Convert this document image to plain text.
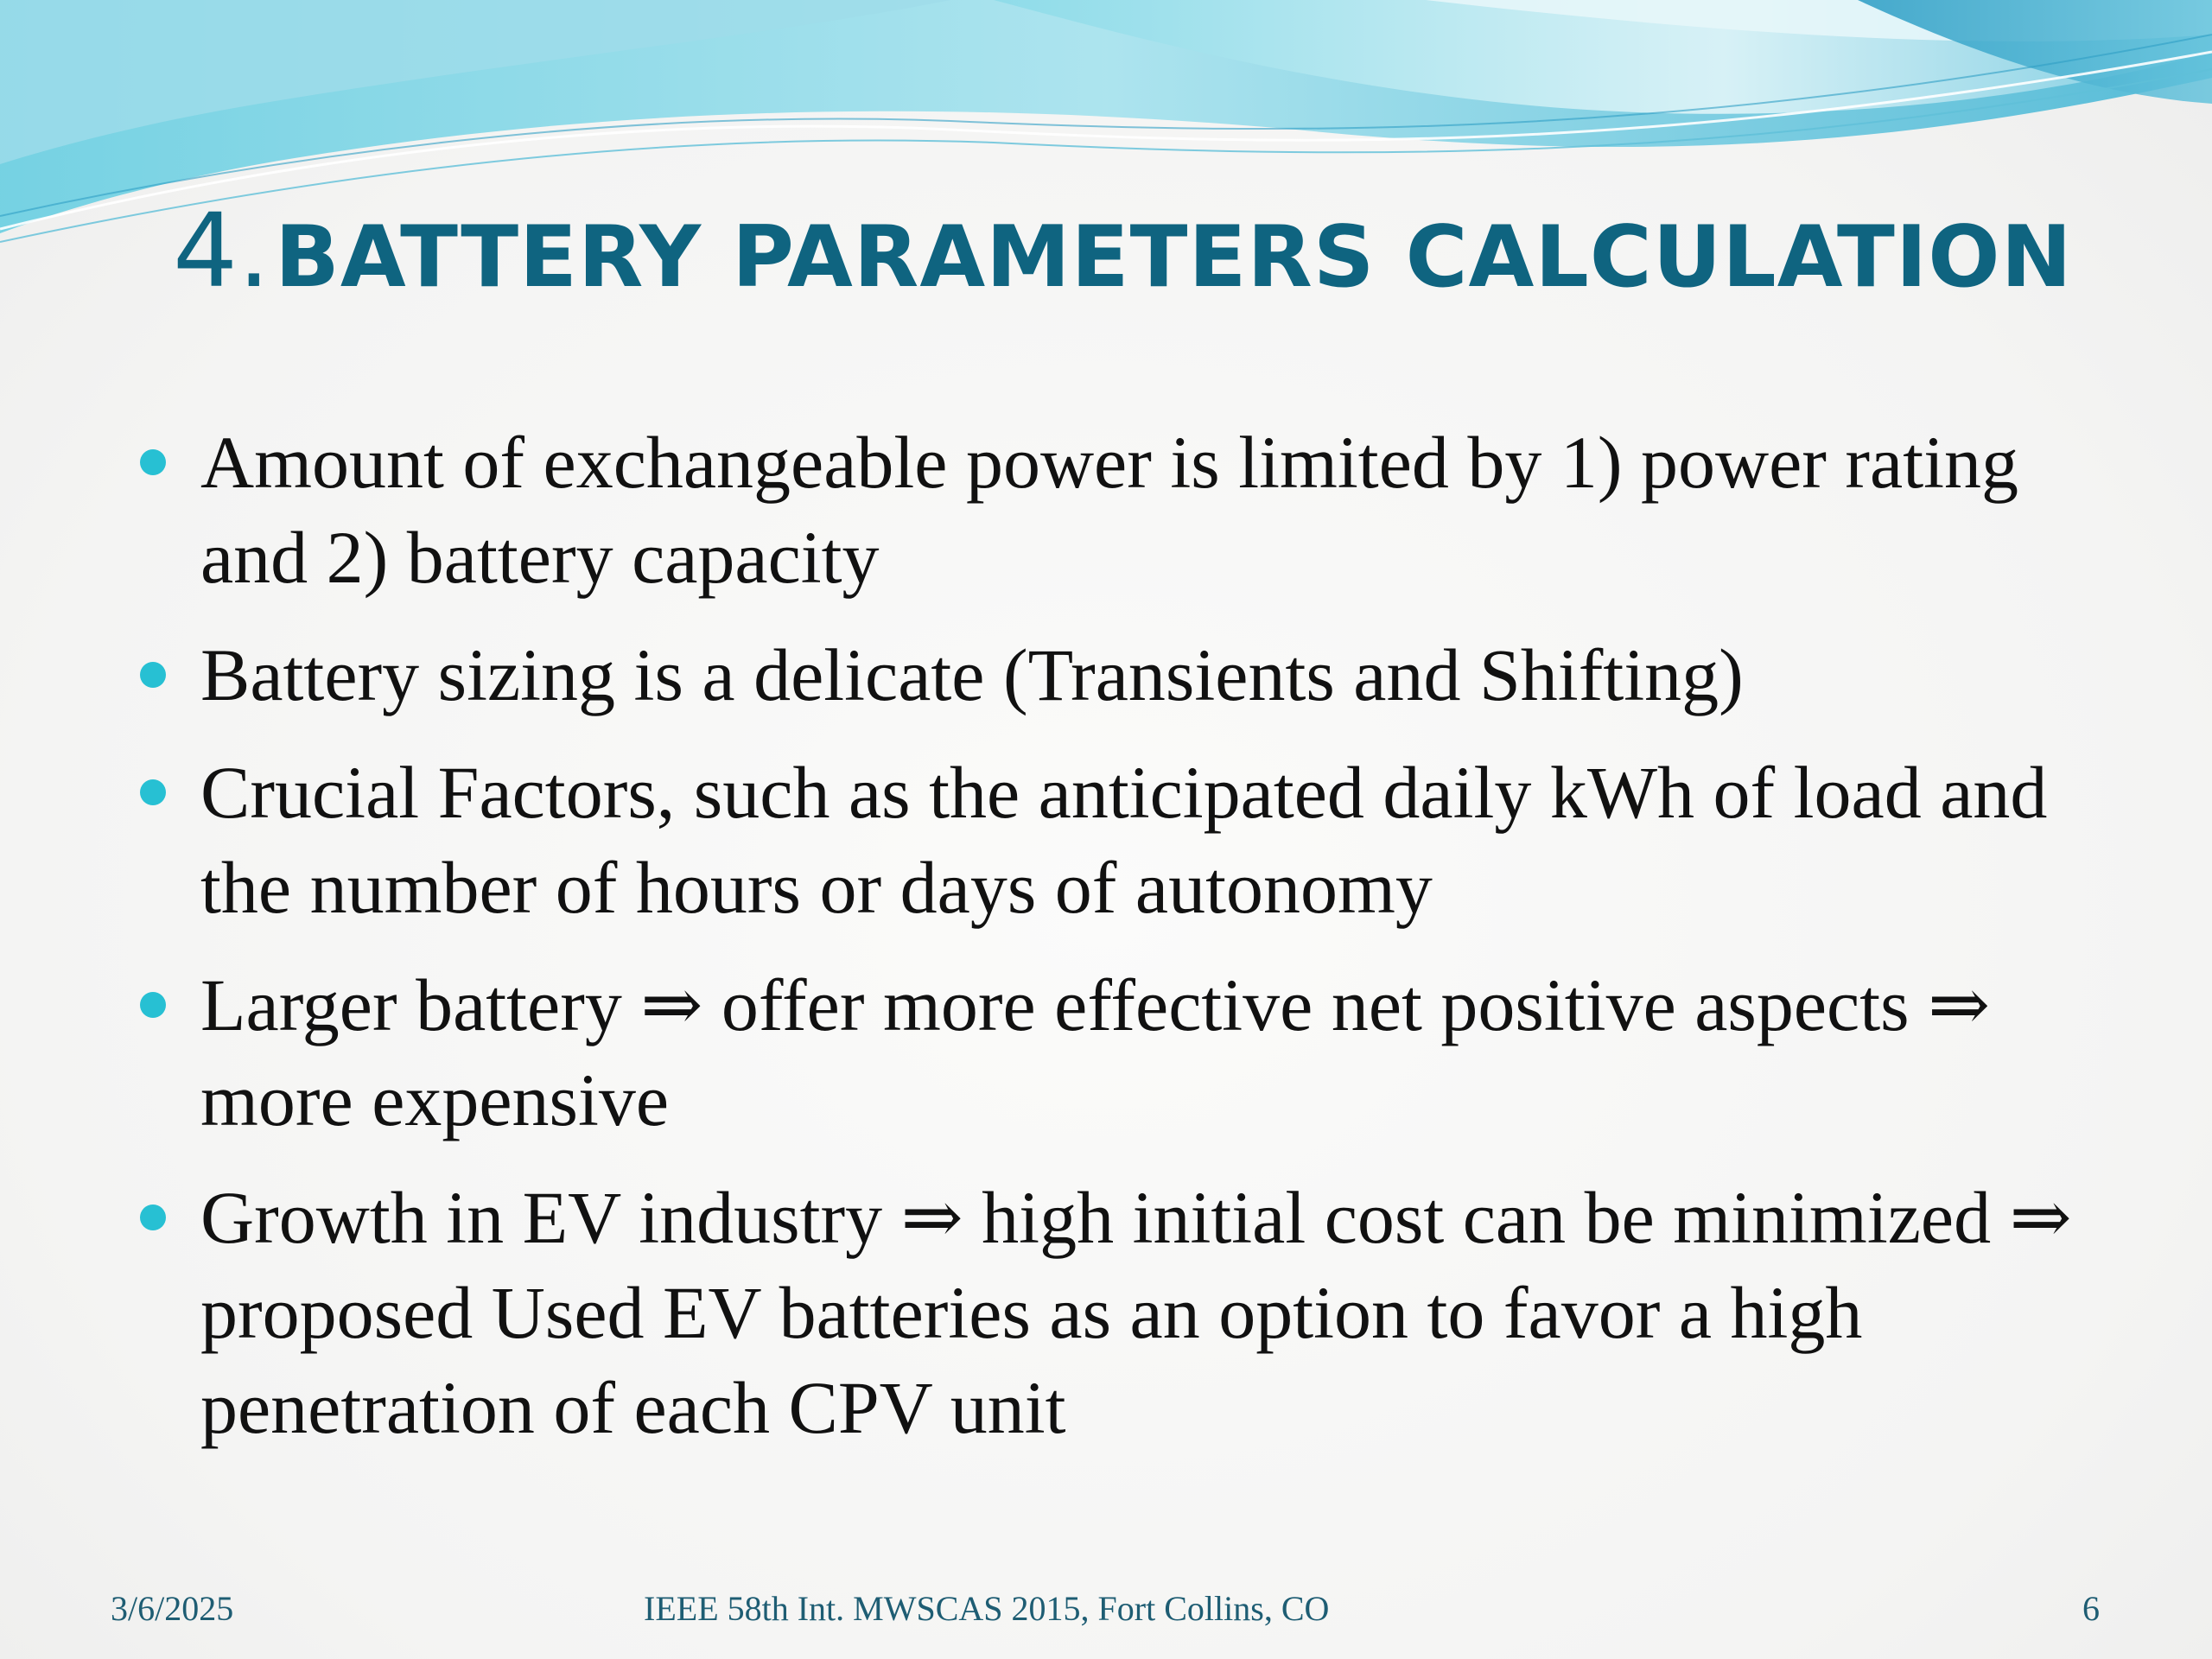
4. BATTERY PARAMETERS CALCULATION
Amount of exchangeable power is limited by 1) power rating and 2) battery capacity
Battery sizing is a delicate (Transients and Shifting)
Crucial Factors, such as the anticipated daily kWh of load and the number of hours or days of autonomy
Larger battery ⇒ offer more effective net positive aspects ⇒ more expensive
Growth in EV industry ⇒ high initial cost can be minimized ⇒ proposed Used EV batteries as an option to favor a high penetration of each CPV unit
3/6/2025	IEEE 58th Int. MWSCAS 2015, Fort Collins, CO	6
